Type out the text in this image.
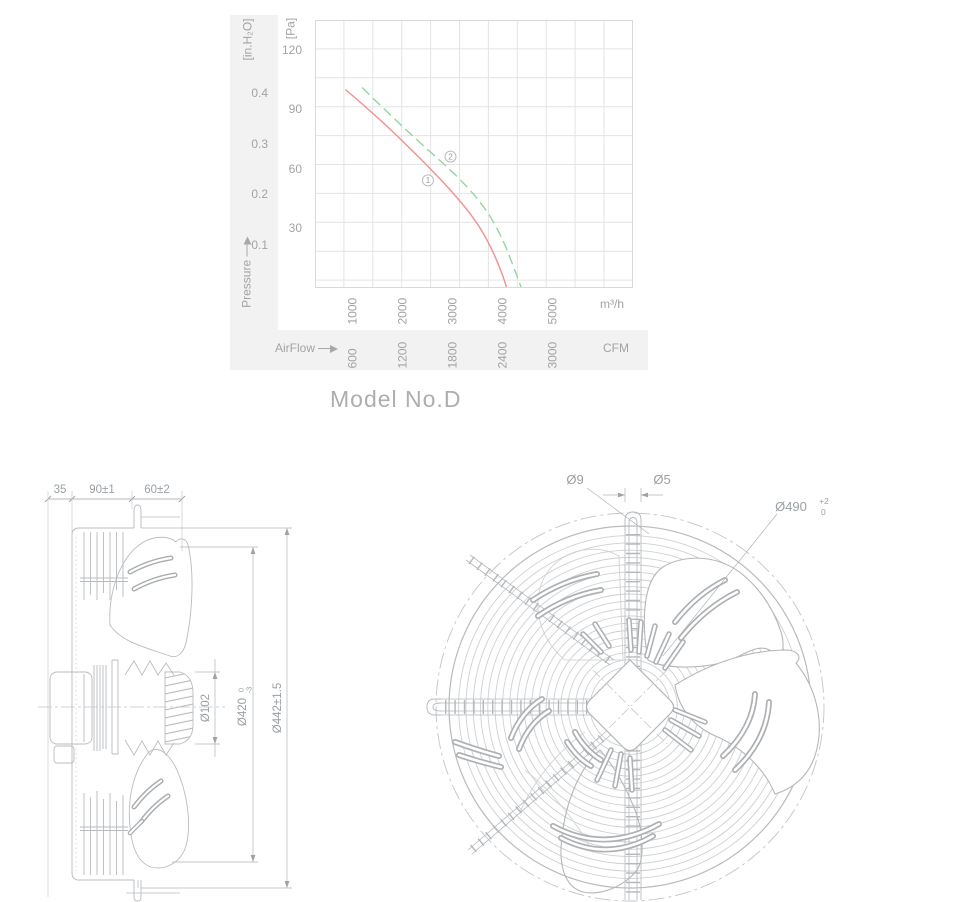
[in.H₂O] [Pa]
Pressure
AirFlow
m³/h
CFM
1
2
1000	2000	3000	4000	5000
600	1200	1800	2400	3000
120
90
60
30
0.4
0.3
0.2
0.1
Model No.D
35 90±1	60±2
Ø102 Ø420
0 -3 Ø442±1.5
Ø9	Ø5
Ø490 +2
0
